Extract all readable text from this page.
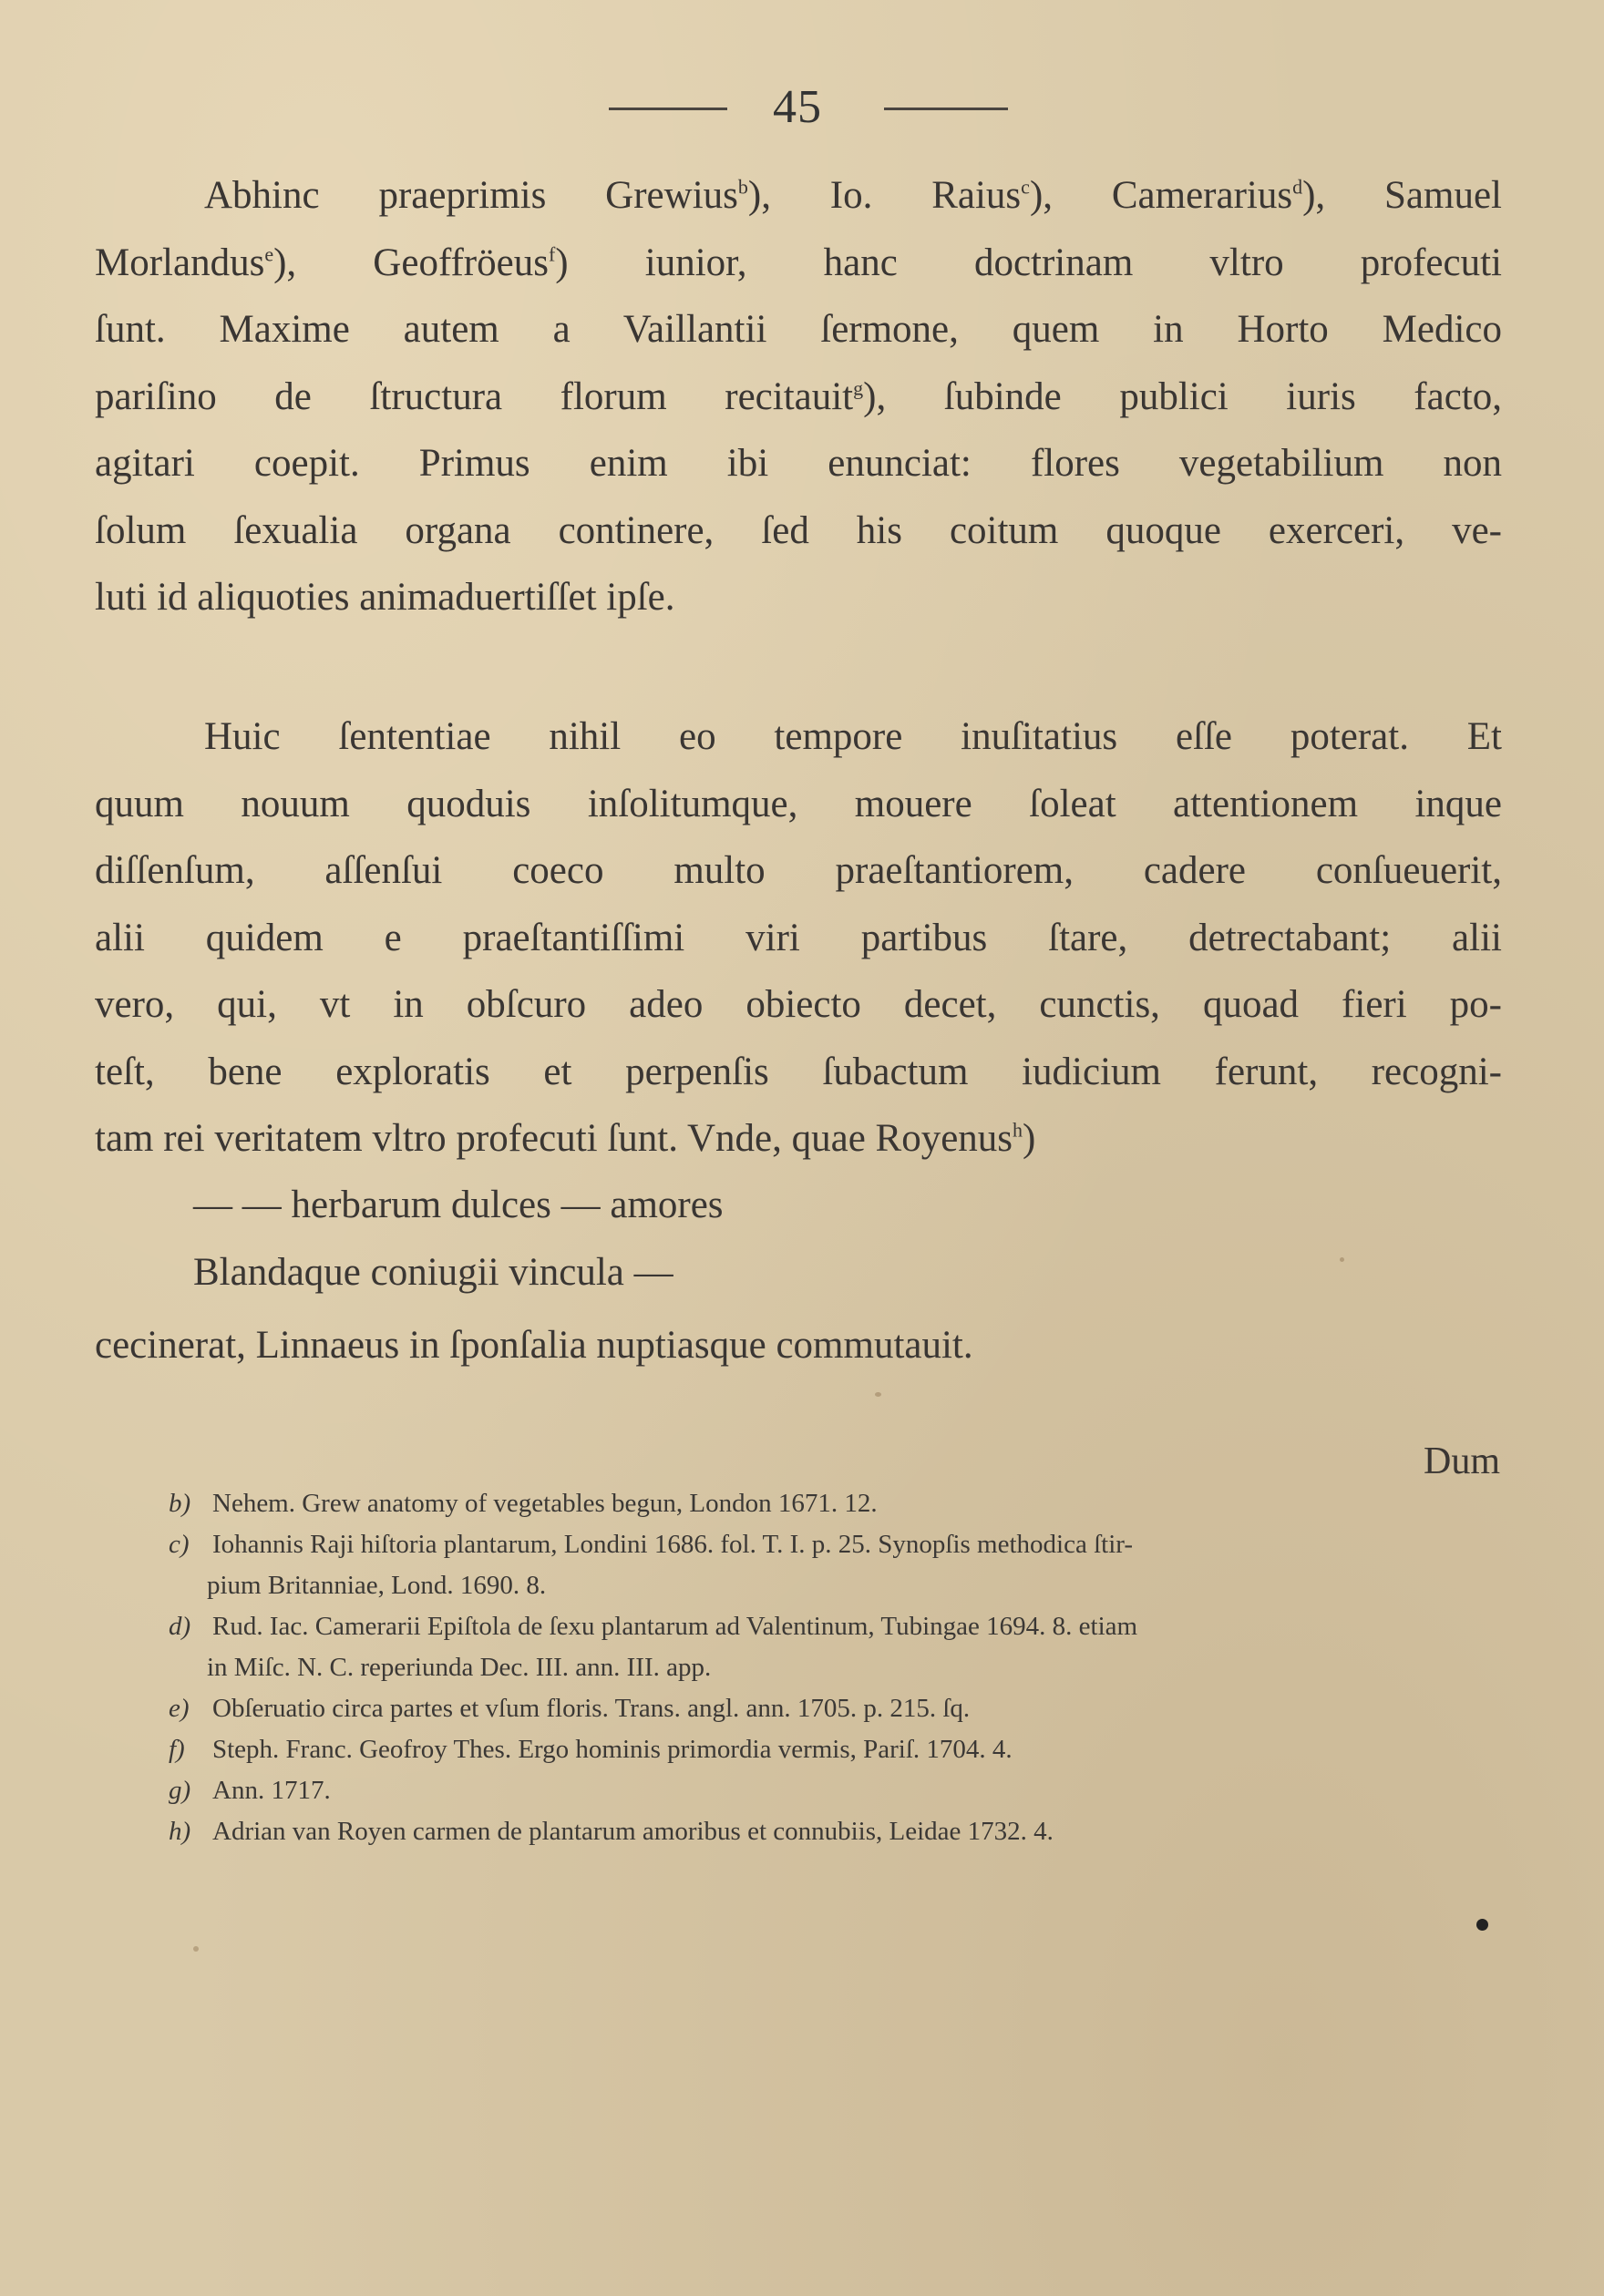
45
Abhinc praeprimis Grewius$^b$), Io. Raius$^c$), Camerarius$^d$), Samuel
Morlandus$^e$), Geoffröeus$^f$) iunior, hanc doctrinam vltro profecuti
ſunt. Maxime autem a Vaillantii ſermone, quem in Horto Medico
pariſino de ſtructura florum recitauit$^g$), ſubinde publici iuris facto,
agitari coepit. Primus enim ibi enunciat: flores vegetabilium non
ſolum ſexualia organa continere, ſed his coitum quoque exerceri, ve-
luti id aliquoties animaduertiſſet ipſe.
Huic ſententiae nihil eo tempore inuſitatius eſſe poterat. Et
quum nouum quoduis inſolitumque, mouere ſoleat attentionem inque
diſſenſum, aſſenſui coeco multo praeſtantiorem, cadere conſueuerit,
alii quidem e praeſtantiſſimi viri partibus ſtare, detrectabant; alii
vero, qui, vt in obſcuro adeo obiecto decet, cunctis, quoad fieri po-
teſt, bene exploratis et perpenſis ſubactum iudicium ferunt, recogni-
tam rei veritatem vltro profecuti ſunt. Vnde, quae Royenus$^h$)
— — herbarum dulces — amores
Blandaque coniugii vincula —
cecinerat, Linnaeus in ſponſalia nuptiasque commutauit.
Dum
b) Nehem. Grew anatomy of vegetables begun, London 1671. 12.
c) Iohannis Raji hiſtoria plantarum, Londini 1686. fol. T. I. p. 25. Synopſis methodica ſtir-
pium Britanniae, Lond. 1690. 8.
d) Rud. Iac. Camerarii Epiſtola de ſexu plantarum ad Valentinum, Tubingae 1694. 8. etiam
in Miſc. N. C. reperiunda Dec. III. ann. III. app.
e) Obſeruatio circa partes et vſum floris. Trans. angl. ann. 1705. p. 215. ſq.
f) Steph. Franc. Geofroy Thes. Ergo hominis primordia vermis, Pariſ. 1704. 4.
g) Ann. 1717.
h) Adrian van Royen carmen de plantarum amoribus et connubiis, Leidae 1732. 4.
